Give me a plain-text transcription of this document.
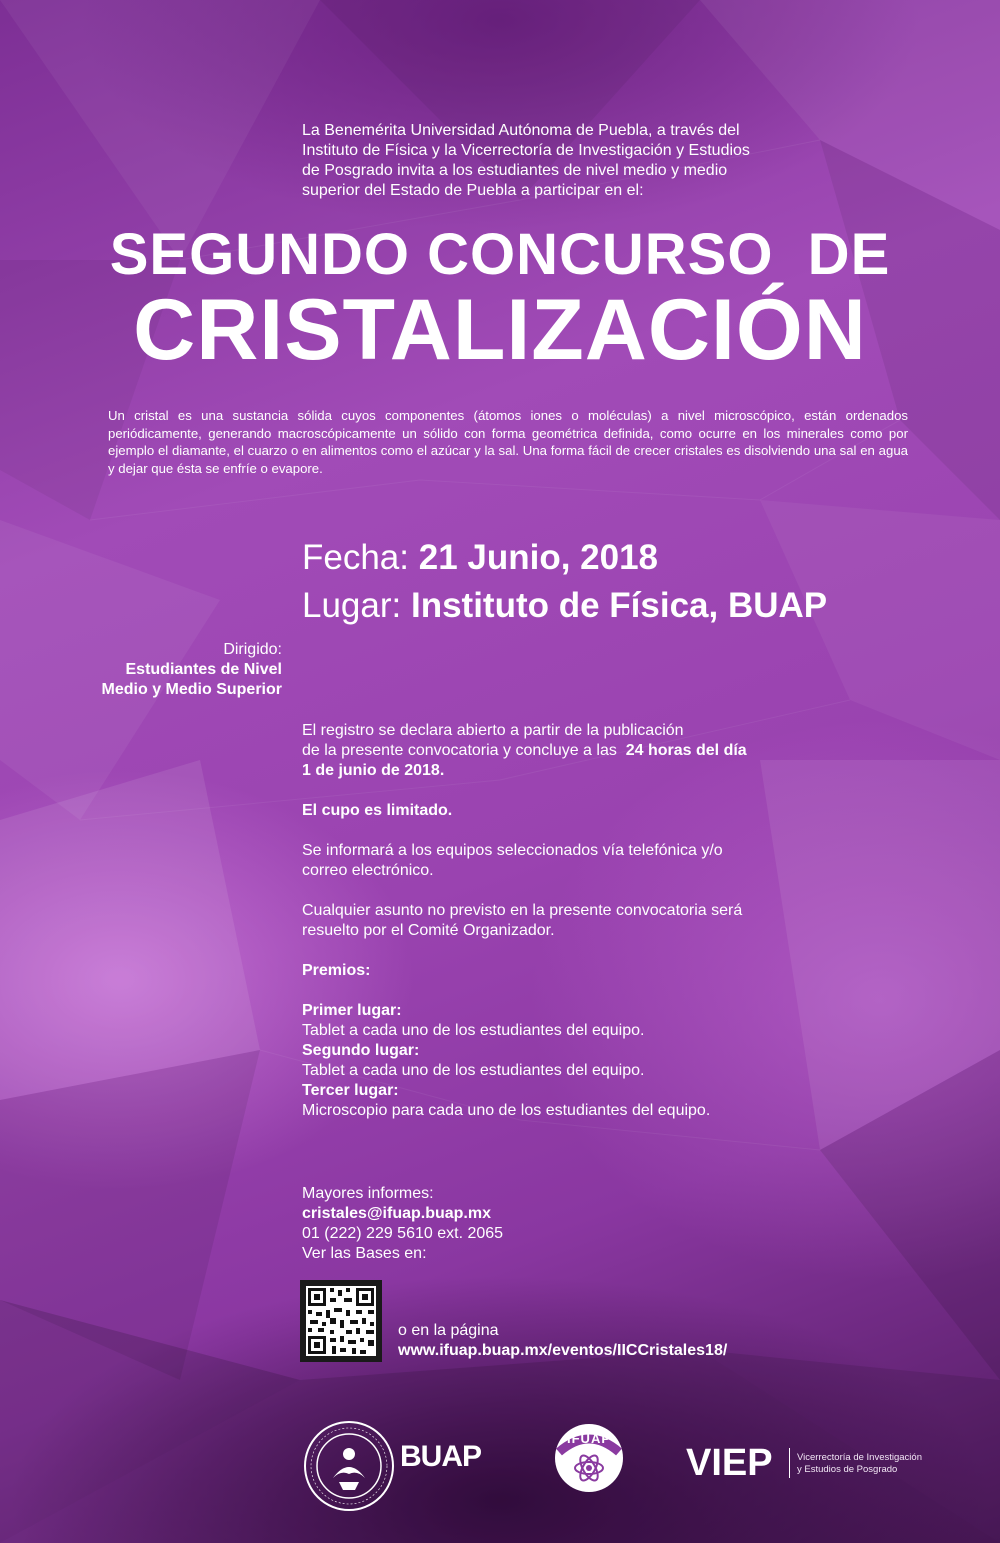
La Benemérita Universidad Autónoma de Puebla, a través del
Instituto de Física y la Vicerrectoría de Investigación y Estudios
de Posgrado invita a los estudiantes de nivel medio y medio
superior del Estado de Puebla a participar en el:
SEGUNDO CONCURSO  DE
CRISTALIZACIÓN
Un cristal es una sustancia sólida cuyos componentes (átomos iones o moléculas) a nivel microscópico, están ordenados periódicamente, generando macroscópicamente un sólido con forma geométrica definida, como ocurre en los minerales como por ejemplo el diamante, el cuarzo o en alimentos como el azúcar y la sal. Una forma fácil de crecer cristales es disolviendo una sal en agua y dejar que ésta se enfríe o evapore.
Fecha: 21 Junio, 2018
Lugar: Instituto de Física, BUAP
Dirigido:
Estudiantes de Nivel
Medio y Medio Superior

El registro se declara abierto a partir de la publicación
de la presente convocatoria y concluye a las  24 horas del día
1 de junio de 2018.

El cupo es limitado.

Se informará a los equipos seleccionados vía telefónica y/o
correo electrónico.

Cualquier asunto no previsto en la presente convocatoria será
resuelto por el Comité Organizador.

Premios:

Primer lugar:
Tablet a cada uno de los estudiantes del equipo.
Segundo lugar:
Tablet a cada uno de los estudiantes del equipo.
Tercer lugar:
Microscopio para cada uno de los estudiantes del equipo.
Mayores informes:
cristales@ifuap.buap.mx
01 (222) 229 5610 ext. 2065
Ver las Bases en:
o en la página
www.ifuap.buap.mx/eventos/IICCristales18/
BUAP
IFUAP
VIEP	Vicerrectoría de Investigación
y Estudios de Posgrado
